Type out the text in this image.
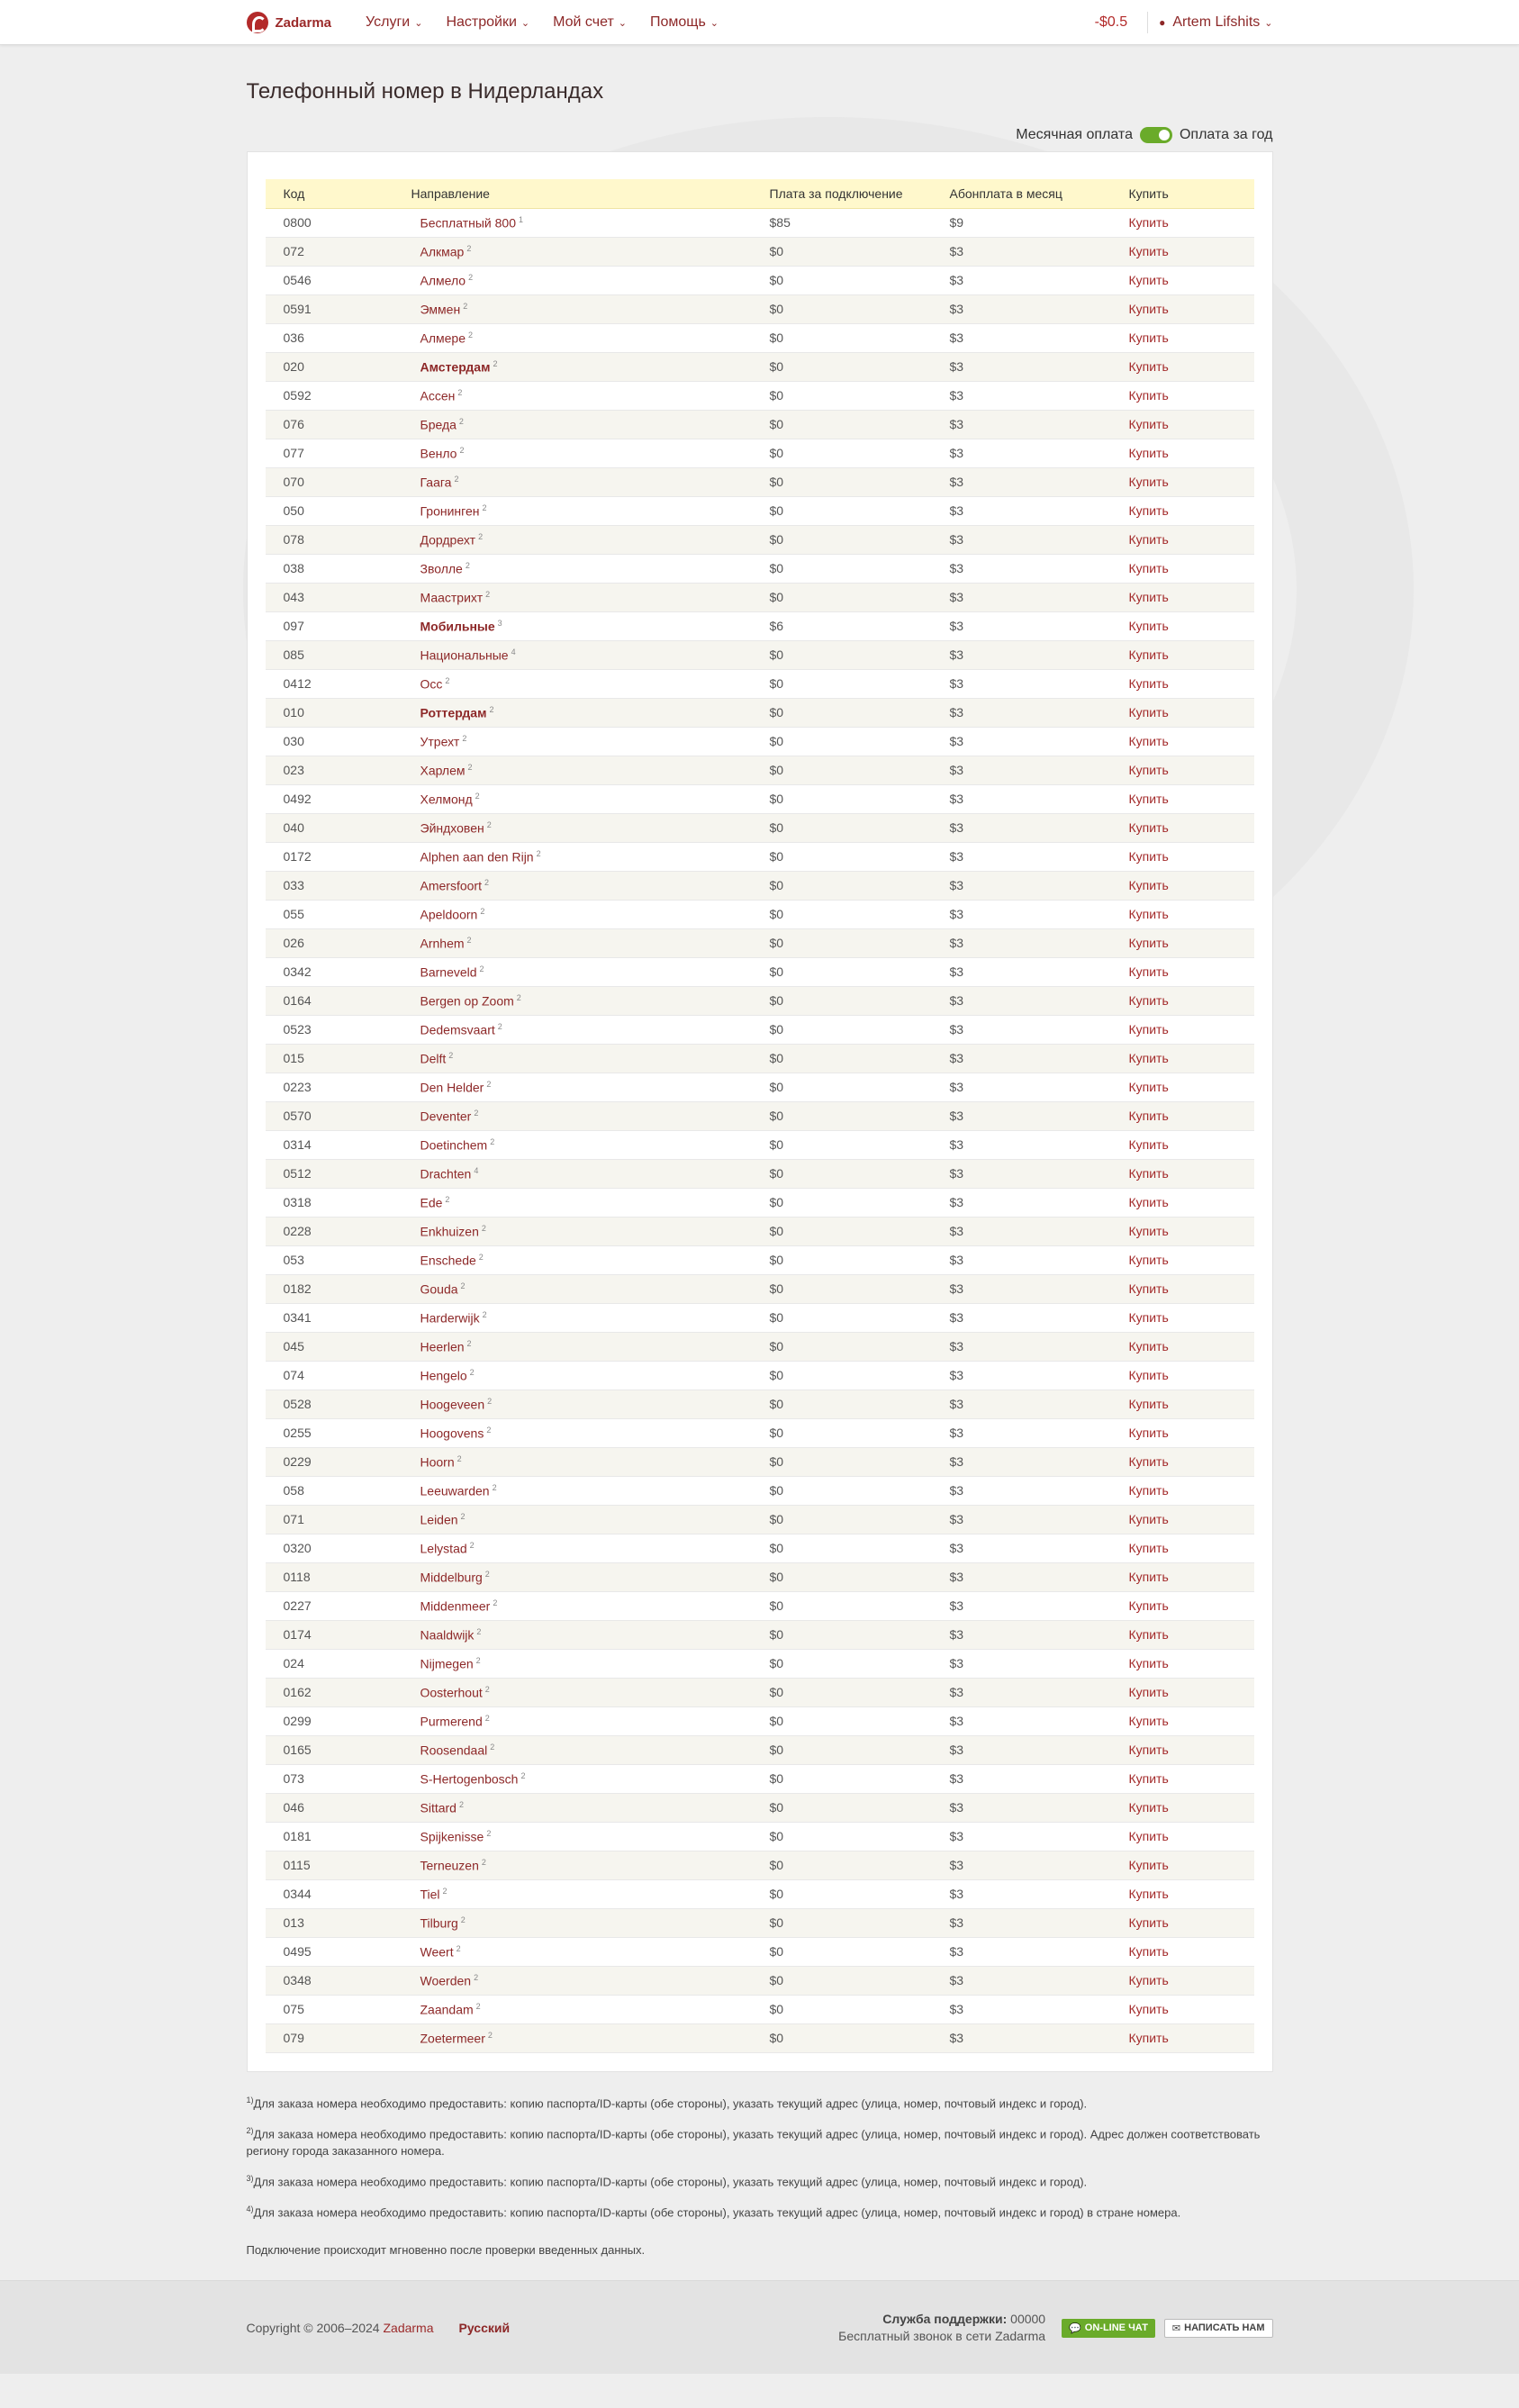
Zadarma Услуги ⌄ Настройки ⌄ Мой счет ⌄ Помощь ⌄	-$0.5	● Artem Lifshits ⌄
Телефонный номер в Нидерландах
Месячная оплата	Оплата за год
Код	Направление	Плата за подключение	Абонплата в месяц	Купить
0800	Бесплатный 800 $^1$	$85	$9	Купить
072	Алкмар $^2$	$0	$3	Купить
0546	Алмело $^2$	$0	$3	Купить
0591	Эммен $^2$	$0	$3	Купить
036	Алмере $^2$	$0	$3	Купить
020	Амстердам $^2$	$0	$3	Купить
0592	Ассен $^2$	$0	$3	Купить
076	Бреда $^2$	$0	$3	Купить
077	Венло $^2$	$0	$3	Купить
070	Гаага $^2$	$0	$3	Купить
050	Гронинген $^2$	$0	$3	Купить
078	Дордрехт $^2$	$0	$3	Купить
038	Зволле $^2$	$0	$3	Купить
043	Маастрихт $^2$	$0	$3	Купить
097	Мобильные $^3$	$6	$3	Купить
085	Национальные $^4$	$0	$3	Купить
0412	Осс $^2$	$0	$3	Купить
010	Роттердам $^2$	$0	$3	Купить
030	Утрехт $^2$	$0	$3	Купить
023	Харлем $^2$	$0	$3	Купить
0492	Хелмонд $^2$	$0	$3	Купить
040	Эйндховен $^2$	$0	$3	Купить
0172	Alphen aan den Rijn $^2$	$0	$3	Купить
033	Amersfoort $^2$	$0	$3	Купить
055	Apeldoorn $^2$	$0	$3	Купить
026	Arnhem $^2$	$0	$3	Купить
0342	Barneveld $^2$	$0	$3	Купить
0164	Bergen op Zoom $^2$	$0	$3	Купить
0523	Dedemsvaart $^2$	$0	$3	Купить
015	Delft $^2$	$0	$3	Купить
0223	Den Helder $^2$	$0	$3	Купить
0570	Deventer $^2$	$0	$3	Купить
0314	Doetinchem $^2$	$0	$3	Купить
0512	Drachten $^4$	$0	$3	Купить
0318	Ede $^2$	$0	$3	Купить
0228	Enkhuizen $^2$	$0	$3	Купить
053	Enschede $^2$	$0	$3	Купить
0182	Gouda $^2$	$0	$3	Купить
0341	Harderwijk $^2$	$0	$3	Купить
045	Heerlen $^2$	$0	$3	Купить
074	Hengelo $^2$	$0	$3	Купить
0528	Hoogeveen $^2$	$0	$3	Купить
0255	Hoogovens $^2$	$0	$3	Купить
0229	Hoorn $^2$	$0	$3	Купить
058	Leeuwarden $^2$	$0	$3	Купить
071	Leiden $^2$	$0	$3	Купить
0320	Lelystad $^2$	$0	$3	Купить
0118	Middelburg $^2$	$0	$3	Купить
0227	Middenmeer $^2$	$0	$3	Купить
0174	Naaldwijk $^2$	$0	$3	Купить
024	Nijmegen $^2$	$0	$3	Купить
0162	Oosterhout $^2$	$0	$3	Купить
0299	Purmerend $^2$	$0	$3	Купить
0165	Roosendaal $^2$	$0	$3	Купить
073	S-Hertogenbosch $^2$	$0	$3	Купить
046	Sittard $^2$	$0	$3	Купить
0181	Spijkenisse $^2$	$0	$3	Купить
0115	Terneuzen $^2$	$0	$3	Купить
0344	Tiel $^2$	$0	$3	Купить
013	Tilburg $^2$	$0	$3	Купить
0495	Weert $^2$	$0	$3	Купить
0348	Woerden $^2$	$0	$3	Купить
075	Zaandam $^2$	$0	$3	Купить
079	Zoetermeer $^2$	$0	$3	Купить

$^{1)}$Для заказа номера необходимо предоставить: копию паспорта/ID-карты (обе стороны), указать текущий адрес (улица, номер, почтовый индекс и город).

$^{2)}$Для заказа номера необходимо предоставить: копию паспорта/ID-карты (обе стороны), указать текущий адрес (улица, номер, почтовый индекс и город). Адрес должен соответствовать региону города заказанного номера.

$^{3)}$Для заказа номера необходимо предоставить: копию паспорта/ID-карты (обе стороны), указать текущий адрес (улица, номер, почтовый индекс и город).

$^{4)}$Для заказа номера необходимо предоставить: копию паспорта/ID-карты (обе стороны), указать текущий адрес (улица, номер, почтовый индекс и город) в стране номера.

Подключение происходит мгновенно после проверки введенных данных.

Copyright © 2006–2024 Zadarma Русский
Служба поддержки: 00000
Бесплатный звонок в сети Zadarma
💬 ON-LINE ЧАТ ✉ НАПИСАТЬ НАМ
